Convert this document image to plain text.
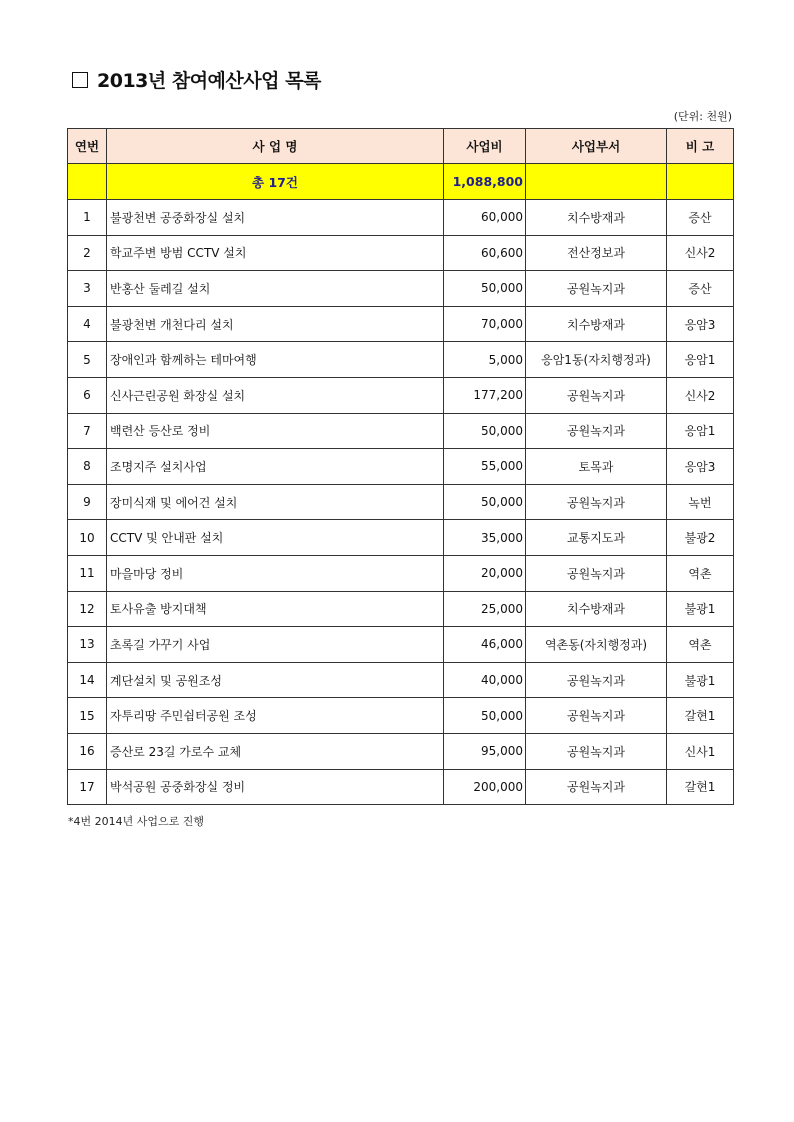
2013년 참여예산사업 목록
(단위: 천원)
연번	사 업 명	사업비	사업부서	비 고
	총 17건	1,088,800		
1	불광천변 공중화장실 설치	60,000	치수방재과	증산
2	학교주변 방범 CCTV 설치	60,600	전산정보과	신사2
3	반홍산 둘레길 설치	50,000	공원녹지과	증산
4	불광천변 개천다리 설치	70,000	치수방재과	응암3
5	장애인과 함께하는 테마여행	5,000	응암1동(자치행정과)	응암1
6	신사근린공원 화장실 설치	177,200	공원녹지과	신사2
7	백련산 등산로 정비	50,000	공원녹지과	응암1
8	조명지주 설치사업	55,000	토목과	응암3
9	장미식재 및 에어건 설치	50,000	공원녹지과	녹번
10	CCTV 및 안내판 설치	35,000	교통지도과	불광2
11	마을마당 정비	20,000	공원녹지과	역촌
12	토사유출 방지대책	25,000	치수방재과	불광1
13	초록길 가꾸기 사업	46,000	역촌동(자치행정과)	역촌
14	계단설치 및 공원조성	40,000	공원녹지과	불광1
15	자투리땅 주민쉼터공원 조성	50,000	공원녹지과	갈현1
16	증산로 23길 가로수 교체	95,000	공원녹지과	신사1
17	박석공원 공중화장실 정비	200,000	공원녹지과	갈현1
*4번 2014년 사업으로 진행
